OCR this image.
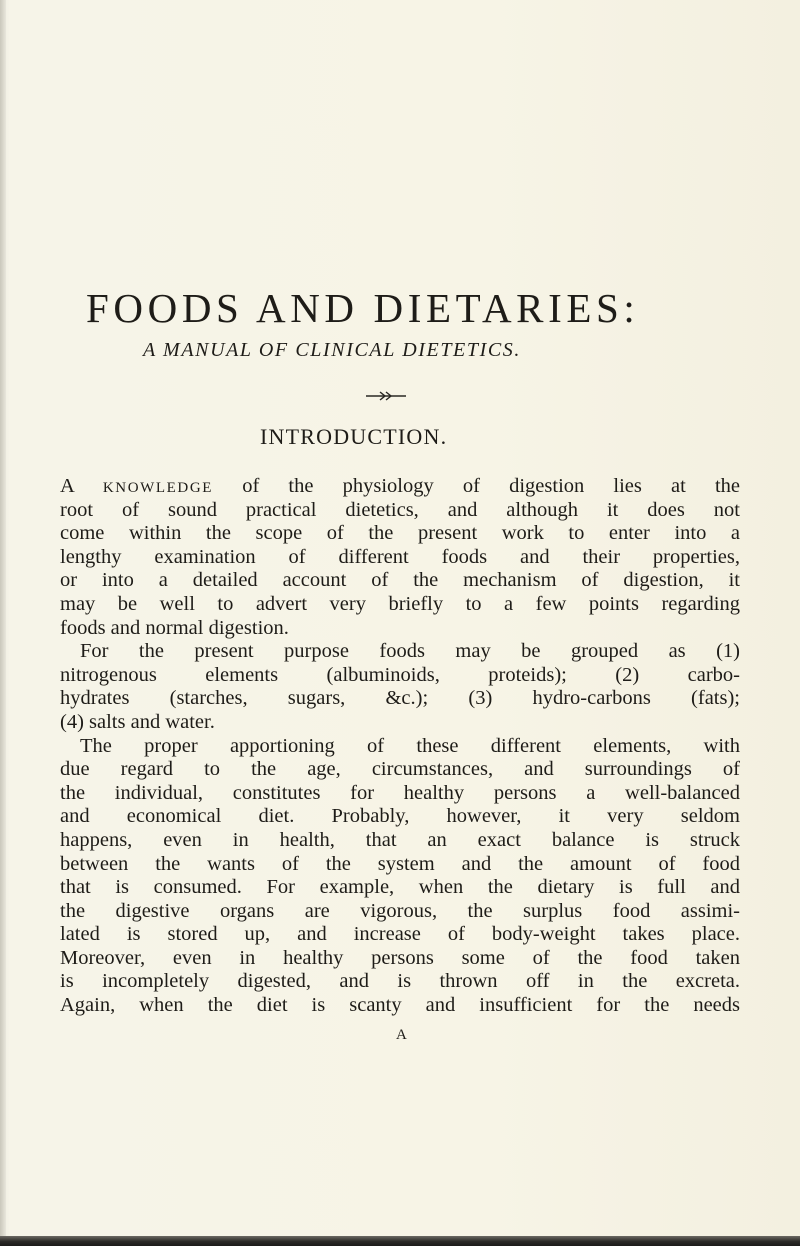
FOODS AND DIETARIES:
A MANUAL OF CLINICAL DIETETICS.
INTRODUCTION.
A KNOWLEDGE of the physiology of digestion lies at the
root of sound practical dietetics, and although it does not
come within the scope of the present work to enter into a
lengthy examination of different foods and their properties,
or into a detailed account of the mechanism of digestion, it
may be well to advert very briefly to a few points regarding
foods and normal digestion.
For the present purpose foods may be grouped as (1)
nitrogenous elements (albuminoids, proteids); (2) carbo-
hydrates (starches, sugars, &c.); (3) hydro-carbons (fats);
(4) salts and water.
The proper apportioning of these different elements, with
due regard to the age, circumstances, and surroundings of
the individual, constitutes for healthy persons a well-balanced
and economical diet. Probably, however, it very seldom
happens, even in health, that an exact balance is struck
between the wants of the system and the amount of food
that is consumed. For example, when the dietary is full and
the digestive organs are vigorous, the surplus food assimi-
lated is stored up, and increase of body-weight takes place.
Moreover, even in healthy persons some of the food taken
is incompletely digested, and is thrown off in the excreta.
Again, when the diet is scanty and insufficient for the needs
A
